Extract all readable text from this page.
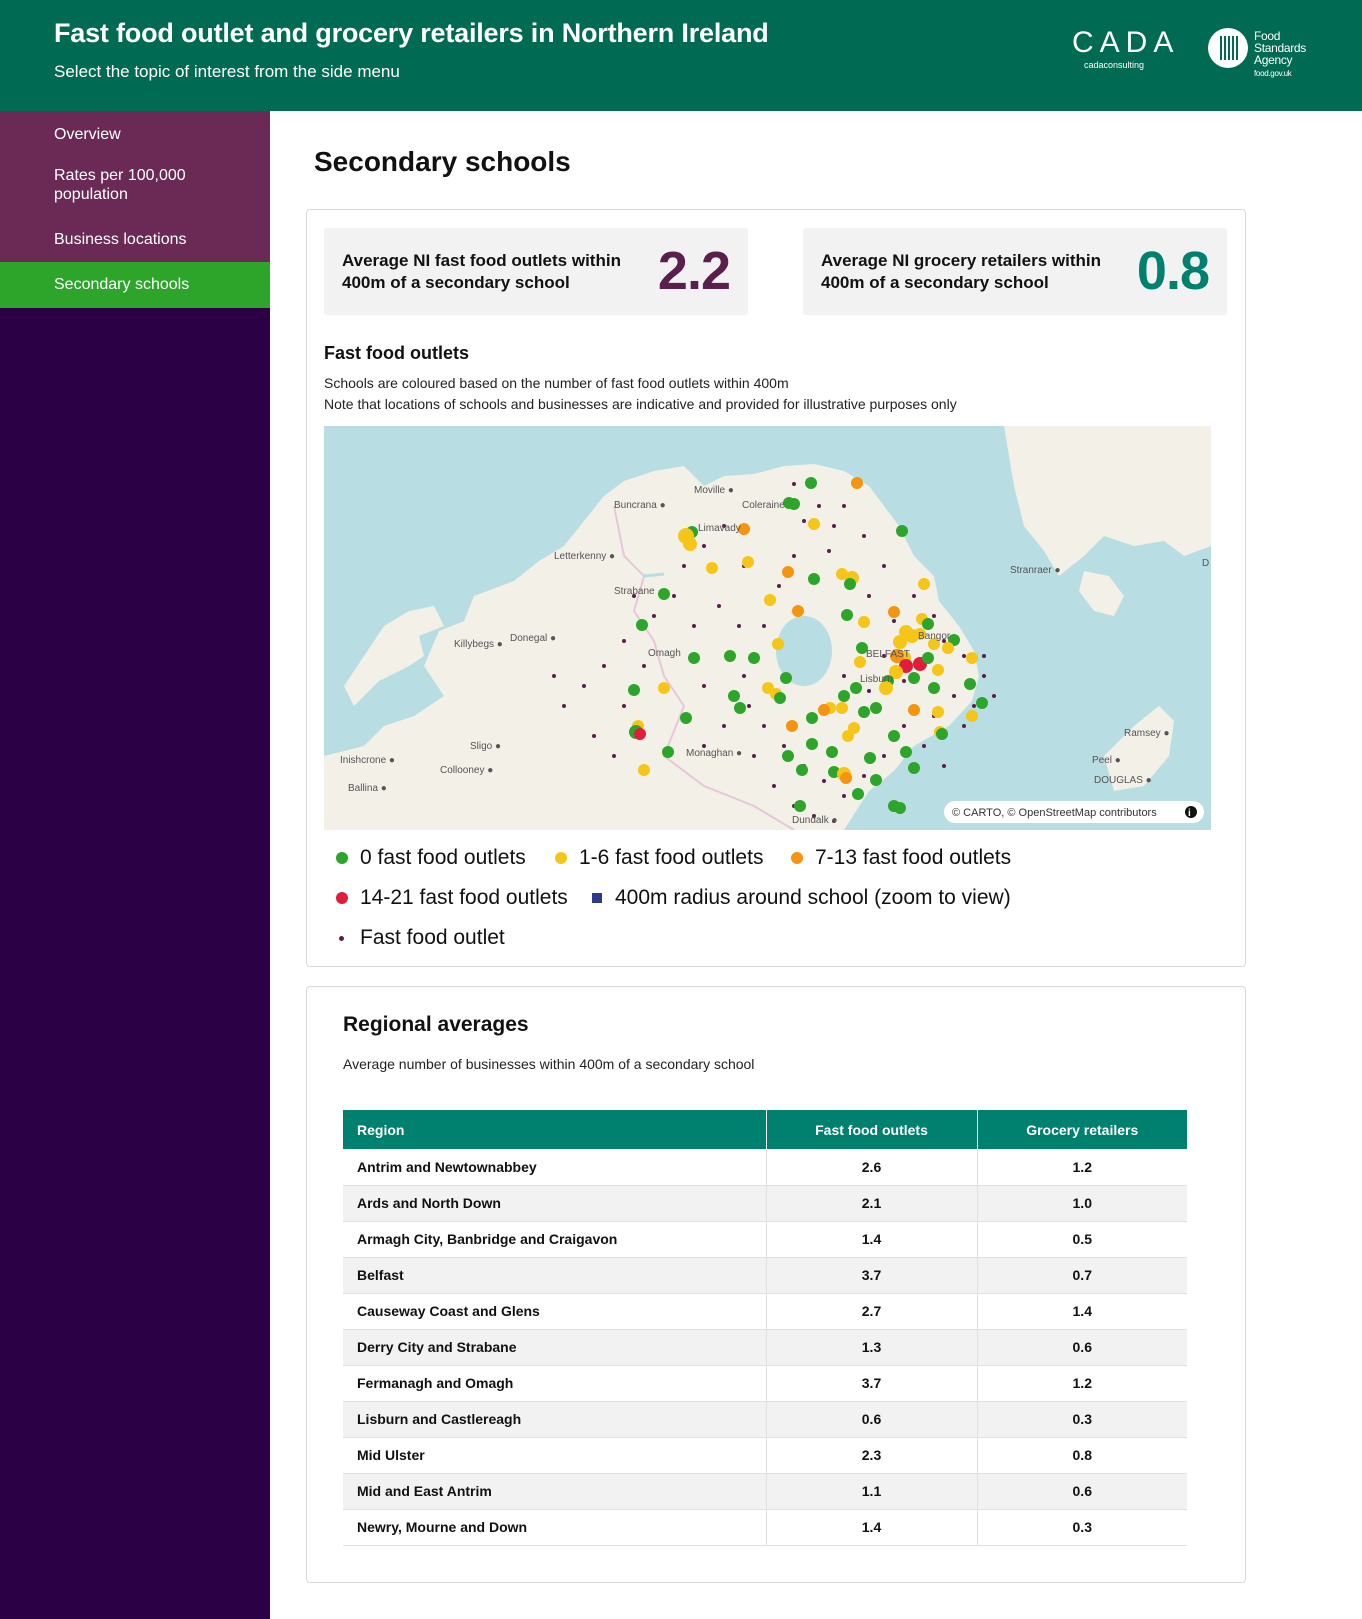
Fast food outlet and grocery retailers in Northern Ireland
Select the topic of interest from the side menu
CADA
cadaconsulting
Food
Standards
Agency
food.gov.uk
Overview
Rates per 100,000 population
Business locations
Secondary schools
Secondary schools
Average NI fast food outlets within 400m of a secondary school	2.2	Average NI grocery retailers within 400m of a secondary school	0.8
Fast food outlets
Schools are coloured based on the number of fast food outlets within 400m
Note that locations of schools and businesses are indicative and provided for illustrative purposes only
Moville ●
Buncrana ●	Coleraine
Limavady
Letterkenny ●
Strabane
Stranraer ●
D
Donegal ●
Killybegs ●
Omagh	BELFAST
Bangor
Lisburn
Sligo ●
Inishcrone ●
Collooney ●
Ballina ●
Monaghan ●
Ramsey ●
Peel ●
DOUGLAS ●
Dundalk ●
© CARTO, © OpenStreetMap contributors	i
0 fast food outlets	1-6 fast food outlets	7-13 fast food outlets
14-21 fast food outlets	400m radius around school (zoom to view)
Fast food outlet
Regional averages
Average number of businesses within 400m of a secondary school
Region	Fast food outlets	Grocery retailers
Antrim and Newtownabbey	2.6	1.2
Ards and North Down	2.1	1.0
Armagh City, Banbridge and Craigavon	1.4	0.5
Belfast	3.7	0.7
Causeway Coast and Glens	2.7	1.4
Derry City and Strabane	1.3	0.6
Fermanagh and Omagh	3.7	1.2
Lisburn and Castlereagh	0.6	0.3
Mid Ulster	2.3	0.8
Mid and East Antrim	1.1	0.6
Newry, Mourne and Down	1.4	0.3
